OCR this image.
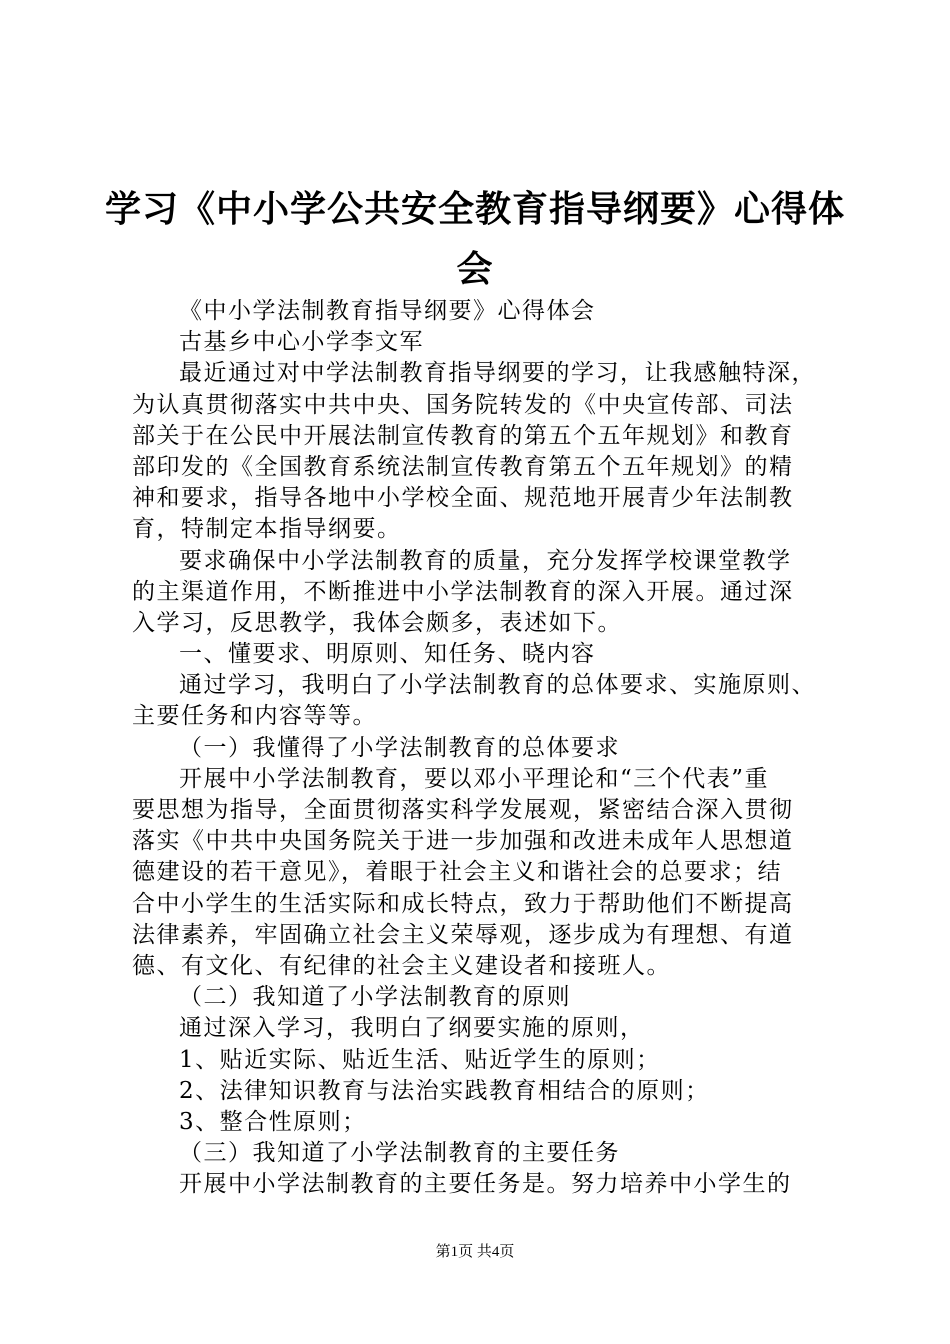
学习《中小学公共安全教育指导纲要》心得体
会
《中小学法制教育指导纲要》心得体会
古基乡中心小学李文军
最近通过对中学法制教育指导纲要的学习，让我感触特深，
为认真贯彻落实中共中央、国务院转发的《中央宣传部、司法
部关于在公民中开展法制宣传教育的第五个五年规划》和教育
部印发的《全国教育系统法制宣传教育第五个五年规划》的精
神和要求，指导各地中小学校全面、规范地开展青少年法制教
育，特制定本指导纲要。
要求确保中小学法制教育的质量，充分发挥学校课堂教学
的主渠道作用，不断推进中小学法制教育的深入开展。通过深
入学习，反思教学，我体会颇多，表述如下。
一、懂要求、明原则、知任务、晓内容
通过学习，我明白了小学法制教育的总体要求、实施原则、
主要任务和内容等等。
（一）我懂得了小学法制教育的总体要求
开展中小学法制教育，要以邓小平理论和“三个代表”重
要思想为指导，全面贯彻落实科学发展观，紧密结合深入贯彻
落实《中共中央国务院关于进一步加强和改进未成年人思想道
德建设的若干意见》，着眼于社会主义和谐社会的总要求；结
合中小学生的生活实际和成长特点，致力于帮助他们不断提高
法律素养，牢固确立社会主义荣辱观，逐步成为有理想、有道
德、有文化、有纪律的社会主义建设者和接班人。
（二）我知道了小学法制教育的原则
通过深入学习，我明白了纲要实施的原则，
1、贴近实际、贴近生活、贴近学生的原则；
2、法律知识教育与法治实践教育相结合的原则；
3、整合性原则；
（三）我知道了小学法制教育的主要任务
开展中小学法制教育的主要任务是。努力培养中小学生的
第1页 共4页
